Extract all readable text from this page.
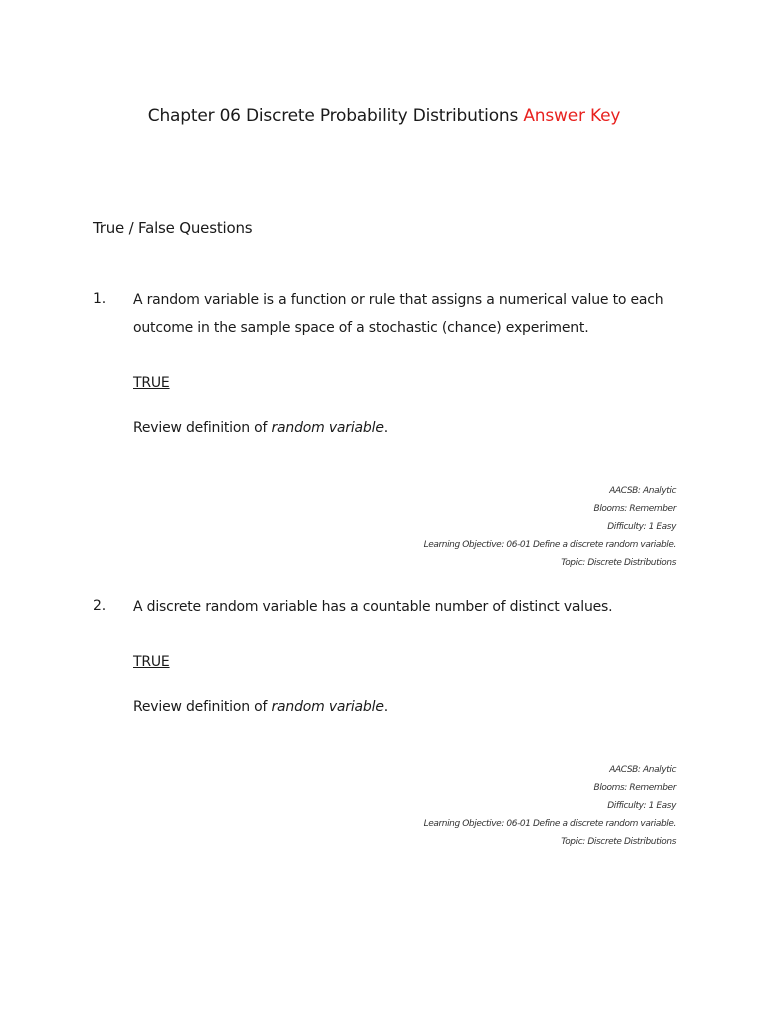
Chapter 06 Discrete Probability Distributions Answer Key
True / False Questions
1. A random variable is a function or rule that assigns a numerical value to each outcome in the sample space of a stochastic (chance) experiment.
TRUE
Review definition of random variable.
AACSB: Analytic
Blooms: Remember
Difficulty: 1 Easy
Learning Objective: 06-01 Define a discrete random variable.
Topic: Discrete Distributions
2. A discrete random variable has a countable number of distinct values.
TRUE
Review definition of random variable.
AACSB: Analytic
Blooms: Remember
Difficulty: 1 Easy
Learning Objective: 06-01 Define a discrete random variable.
Topic: Discrete Distributions
